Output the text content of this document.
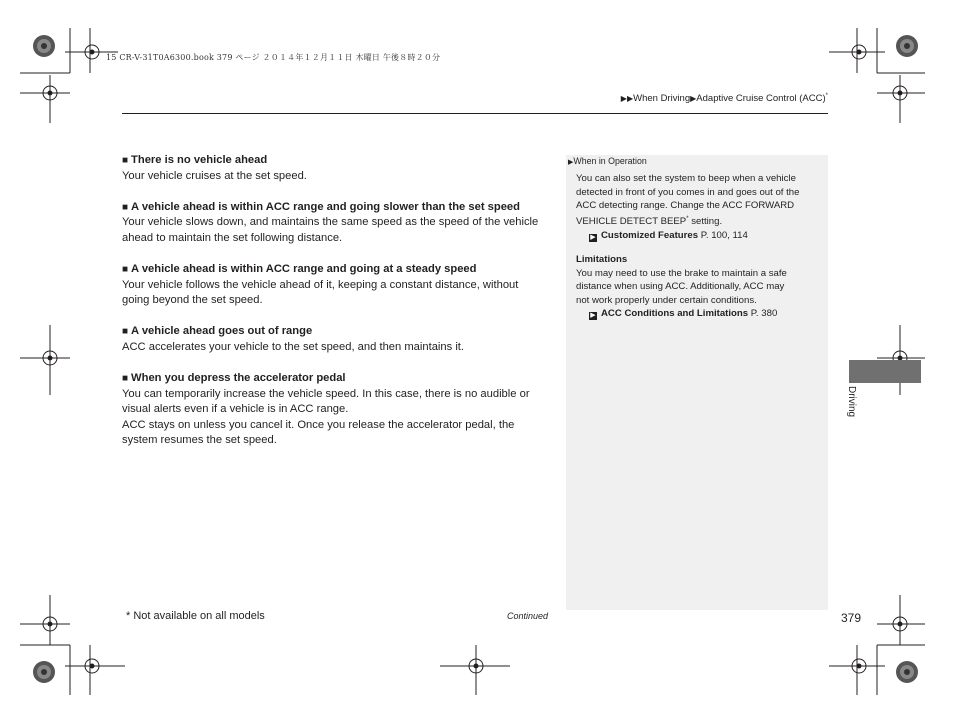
15 CR-V-31T0A6300.book 379 ページ ２０１４年１２月１１日 木曜日 午後８時２０分
▶▶When Driving▶Adaptive Cruise Control (ACC)*
■ There is no vehicle ahead
Your vehicle cruises at the set speed.
■ A vehicle ahead is within ACC range and going slower than the set speed
Your vehicle slows down, and maintains the same speed as the speed of the vehicle
ahead to maintain the set following distance.
■ A vehicle ahead is within ACC range and going at a steady speed
Your vehicle follows the vehicle ahead of it, keeping a constant distance, without
going beyond the set speed.
■ A vehicle ahead goes out of range
ACC accelerates your vehicle to the set speed, and then maintains it.
■ When you depress the accelerator pedal
You can temporarily increase the vehicle speed. In this case, there is no audible or
visual alerts even if a vehicle is in ACC range.
ACC stays on unless you cancel it. Once you release the accelerator pedal, the
system resumes the set speed.
▶When in Operation
You can also set the system to beep when a vehicle
detected in front of you comes in and goes out of the
ACC detecting range. Change the ACC FORWARD
VEHICLE DETECT BEEP* setting.
▶ Customized Features P. 100, 114
Limitations
You may need to use the brake to maintain a safe
distance when using ACC. Additionally, ACC may
not work properly under certain conditions.
▶ ACC Conditions and Limitations P. 380
Driving
* Not available on all models	Continued	379
